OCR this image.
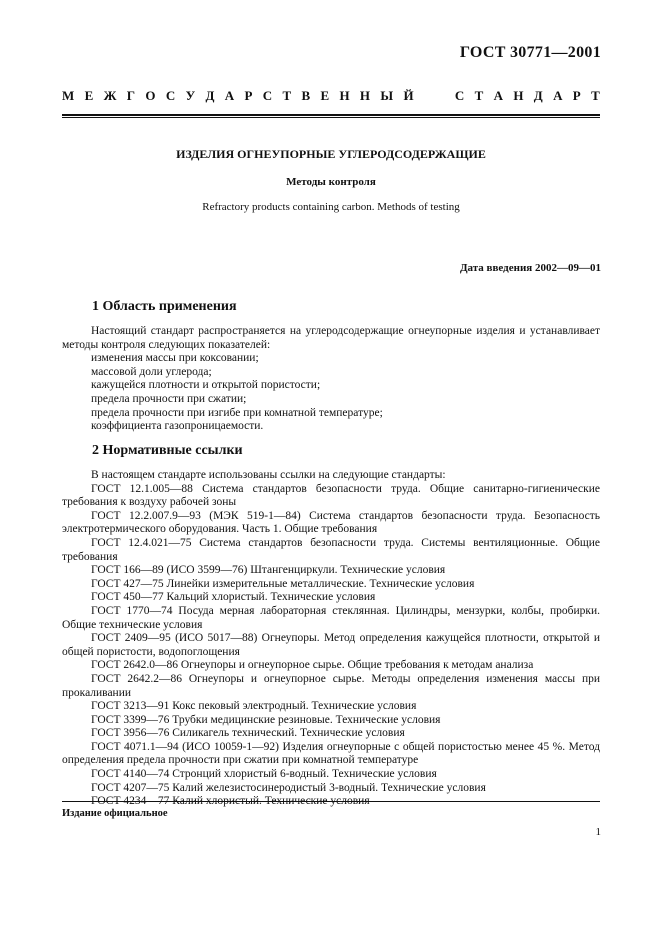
ГОСТ 30771—2001
М Е Ж Г О С У Д А Р С Т В Е Н Н Ы Й	С Т А Н Д А Р Т
ИЗДЕЛИЯ ОГНЕУПОРНЫЕ УГЛЕРОДСОДЕРЖАЩИЕ
Методы контроля
Refractory products containing carbon. Methods of testing
Дата введения 2002—09—01
1 Область применения

Настоящий стандарт распространяется на углеродсодержащие огнеупорные изделия и устанавливает методы контроля следующих показателей:

изменения массы при коксовании;

массовой доли углерода;

кажущейся плотности и открытой пористости;

предела прочности при сжатии;

предела прочности при изгибе при комнатной температуре;

коэффициента газопроницаемости.

2 Нормативные ссылки

В настоящем стандарте использованы ссылки на следующие стандарты:

ГОСТ 12.1.005—88 Система стандартов безопасности труда. Общие санитарно-гигиенические требования к воздуху рабочей зоны

ГОСТ 12.2.007.9—93 (МЭК 519-1—84) Система стандартов безопасности труда. Безопасность электротермического оборудования. Часть 1. Общие требования

ГОСТ 12.4.021—75 Система стандартов безопасности труда. Системы вентиляционные. Общие требования

ГОСТ 166—89 (ИСО 3599—76) Штангенциркули. Технические условия

ГОСТ 427—75 Линейки измерительные металлические. Технические условия

ГОСТ 450—77 Кальций хлористый. Технические условия

ГОСТ 1770—74 Посуда мерная лабораторная стеклянная. Цилиндры, мензурки, колбы, пробирки. Общие технические условия

ГОСТ 2409—95 (ИСО 5017—88) Огнеупоры. Метод определения кажущейся плотности, открытой и общей пористости, водопоглощения

ГОСТ 2642.0—86 Огнеупоры и огнеупорное сырье. Общие требования к методам анализа

ГОСТ 2642.2—86 Огнеупоры и огнеупорное сырье. Методы определения изменения массы при прокаливании

ГОСТ 3213—91 Кокс пековый электродный. Технические условия

ГОСТ 3399—76 Трубки медицинские резиновые. Технические условия

ГОСТ 3956—76 Силикагель технический. Технические условия

ГОСТ 4071.1—94 (ИСО 10059-1—92) Изделия огнеупорные с общей пористостью менее 45 %. Метод определения предела прочности при сжатии при комнатной температуре

ГОСТ 4140—74 Стронций хлористый 6-водный. Технические условия

ГОСТ 4207—75 Калий железистосинеродистый 3-водный. Технические условия

ГОСТ 4234—77 Калий хлористый. Технические условия

Издание официальное
1
